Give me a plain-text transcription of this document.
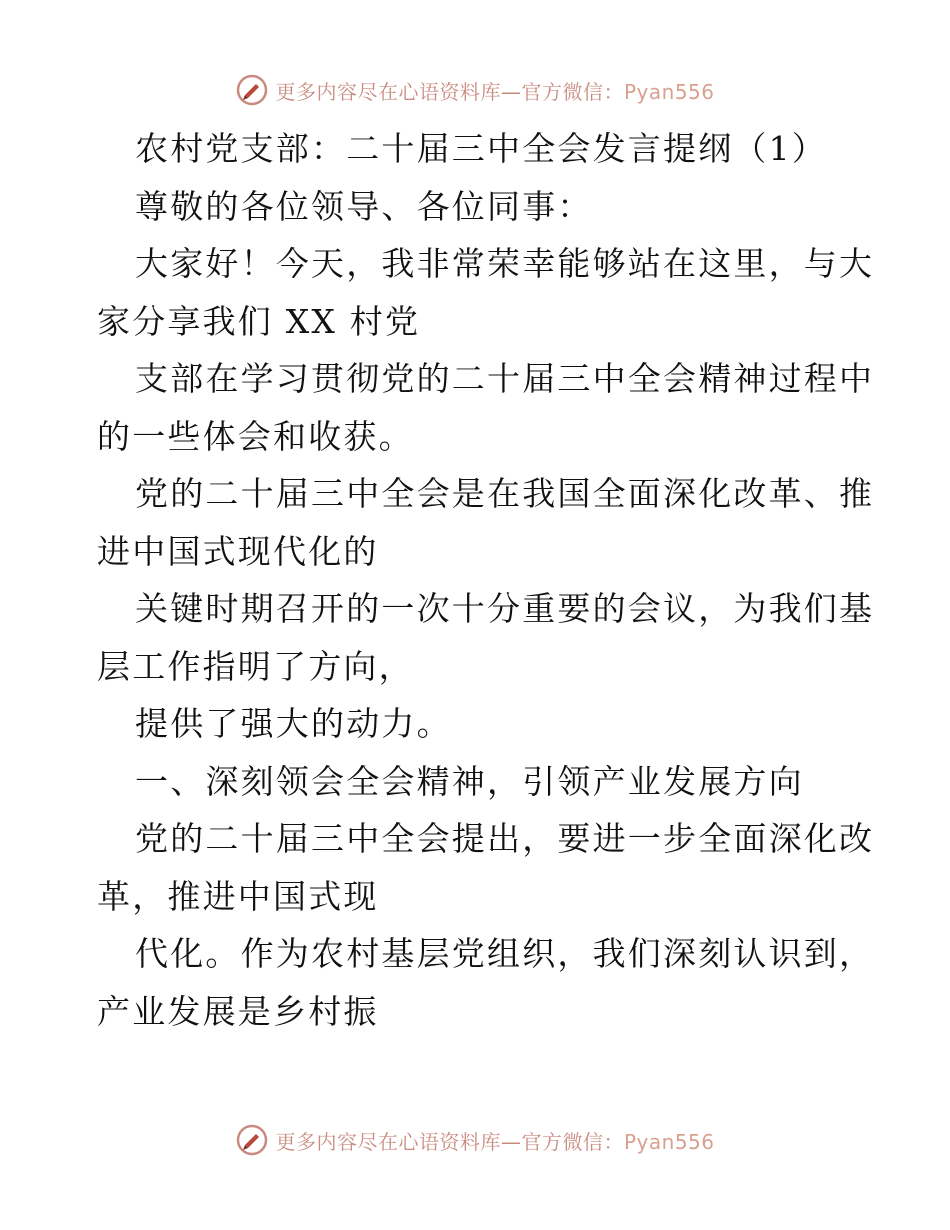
更多内容尽在心语资料库—官方微信：Pyan556
农村党支部：二十届三中全会发言提纲（1）
尊敬的各位领导、各位同事：
大家好！今天，我非常荣幸能够站在这里，与大
家分享我们 XX 村党
支部在学习贯彻党的二十届三中全会精神过程中
的一些体会和收获。
党的二十届三中全会是在我国全面深化改革、推
进中国式现代化的
关键时期召开的一次十分重要的会议，为我们基
层工作指明了方向，
提供了强大的动力。
一、深刻领会全会精神，引领产业发展方向
党的二十届三中全会提出，要进一步全面深化改
革，推进中国式现
代化。作为农村基层党组织，我们深刻认识到，
产业发展是乡村振
更多内容尽在心语资料库—官方微信：Pyan556
